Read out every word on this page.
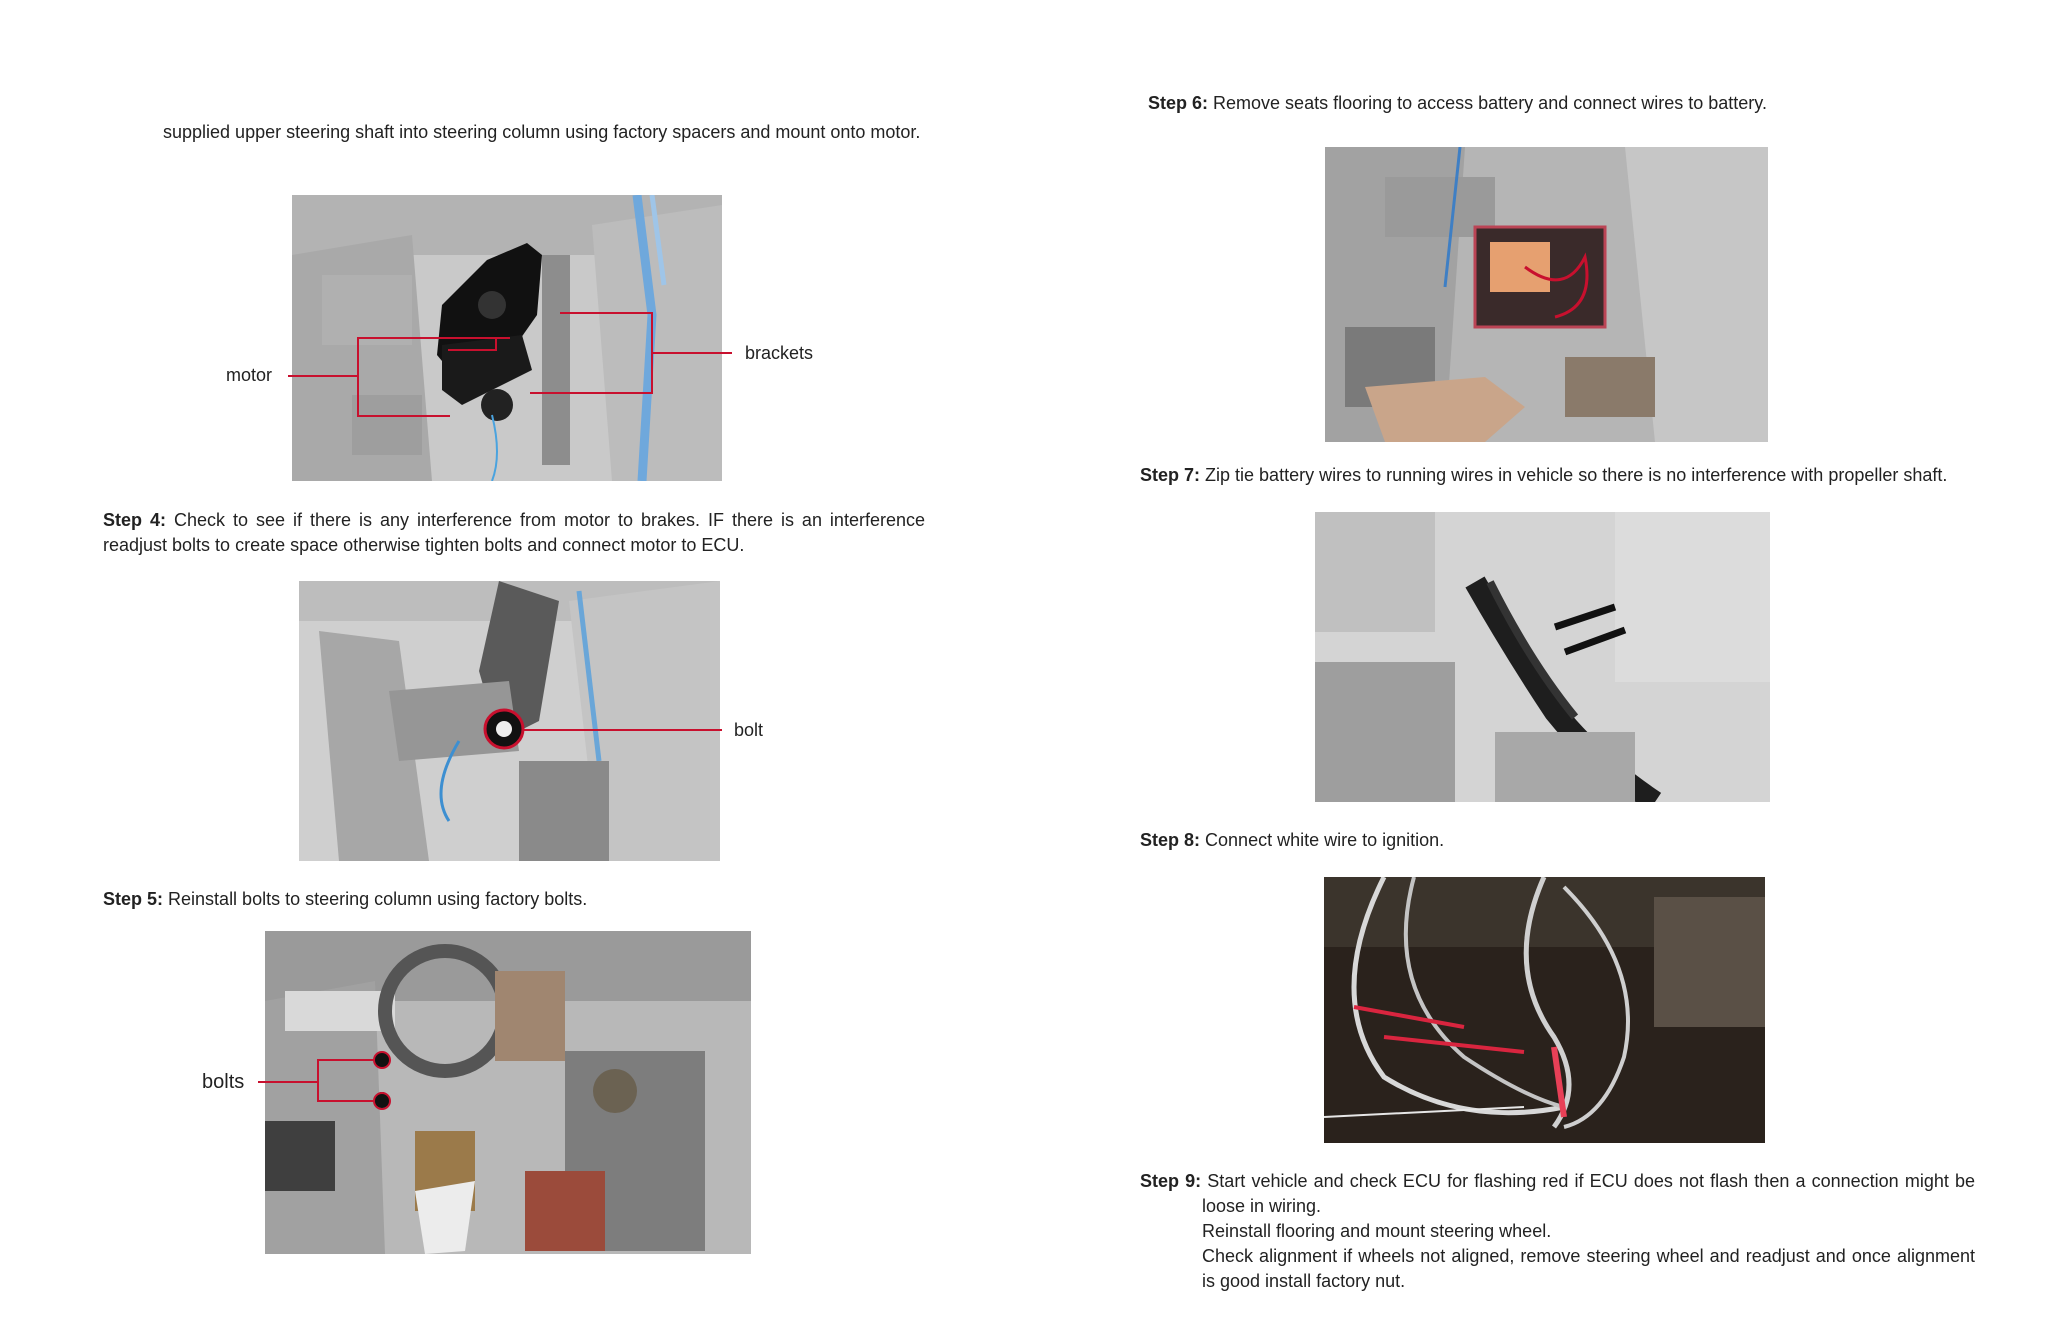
supplied upper steering shaft into steering column using factory spacers and mount onto motor.

motor
brackets
bolt
bolts

Step 4: Check to see if there is any interference from motor to brakes. IF there is an interference readjust bolts to create space otherwise tighten bolts and connect motor to ECU.

Step 5: Reinstall bolts to steering column using factory bolts.

Step 6: Remove seats flooring to access battery and connect wires to battery.

Step 7: Zip tie battery wires to running wires in vehicle so there is no interference with propeller shaft.

Step 8: Connect white wire to ignition.

Step 9: Start vehicle and check ECU for flashing red if ECU does not flash then a connection might be loose in wiring.
Reinstall flooring and mount steering wheel.
Check alignment if wheels not aligned, remove steering wheel and readjust and once alignment is good install factory nut.
